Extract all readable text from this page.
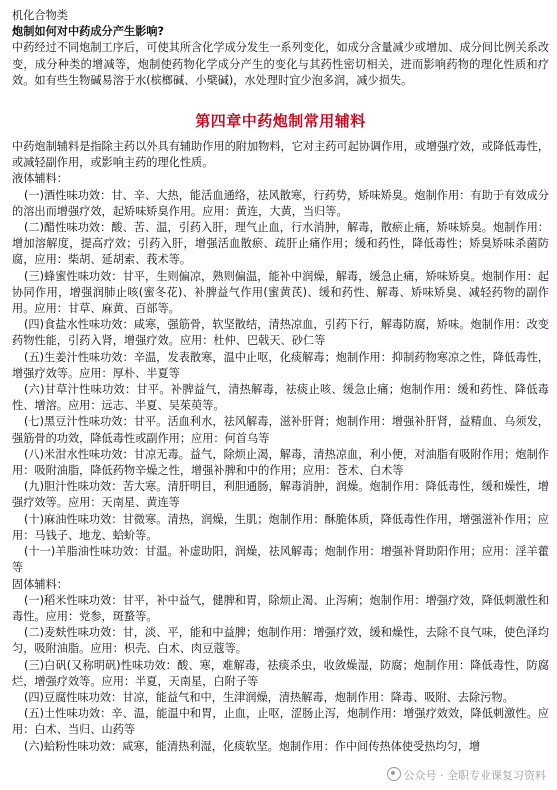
机化合物类
炮制如何对中药成分产生影响?
中药经过不同炮制工序后，可使其所含化学成分发生一系列变化，如成分含量减少或增加、成分间比例关系改变，成分种类的增减等，炮制使药物化学成分产生的变化与其药性密切相关，进而影响药物的理化性质和疗效。如有些生物碱易溶于水(槟榔碱、小檗碱)，水处理时宜少泡多润，减少损失。
第四章中药炮制常用辅料
中药炮制辅料是指除主药以外具有辅助作用的附加物料，它对主药可起协调作用，或增强疗效，或降低毒性，或减轻副作用，或影响主药的理化性质。
液体辅料：
(一)酒性味功效：甘、辛、大热，能活血通络，祛风散寒，行药势，矫味矫臭。炮制作用：有助于有效成分的溶出而增强疗效，起矫味矫臭作用。应用：黄连，大黄，当归等。
(二)醋性味功效：酸、苦、温，引药入肝，理气止血，行水消肿，解毒，散瘀止痛，矫味矫臭。炮制作用：增加溶解度，提高疗效；引药入肝，增强活血散瘀、疏肝止痛作用；缓和药性，降低毒性；矫臭矫味杀菌防腐，应用：柴胡、延胡索、莪术等。
(三)蜂蜜性味功效：甘平，生则偏凉，熟则偏温，能补中润燥，解毒，缓急止痛，矫味矫臭。炮制作用：起协同作用，增强润肺止咳(蜜冬花)、补脾益气作用(蜜黄芪)、缓和药性、解毒、矫味矫臭、减轻药物的副作用。应用：甘草、麻黄、百部等。
(四)食盐水性味功效：咸寒，强筋骨，软坚散结，清热凉血，引药下行，解毒防腐，矫味。炮制作用：改变药物性能，引药入肾，增强疗效。应用：杜仲、巴戟天、砂仁等
(五)生姜汁性味功效：辛温，发表散寒，温中止呕，化痰解毒；炮制作用：抑制药物寒凉之性，降低毒性，增强疗效等。应用：厚朴、半夏等
(六)甘草汁性味功效：甘平。补脾益气，清热解毒，祛痰止咳、缓急止痛；炮制作用：缓和药性、降低毒性、增溶。应用：远志、半夏、吴茱萸等。
(七)黑豆汁性味功效：甘平。活血利水，祛风解毒，滋补肝肾；炮制作用：增强补肝肾，益精血、乌须发，强筋骨的功效，降低毒性或副作用；应用：何首乌等
(八)米泔水性味功效：甘凉无毒。益气，除烦止渴，解毒，清热凉血，利小便，对油脂有吸附作用；炮制作用：吸附油脂，降低药物辛燥之性，增强补脾和中的作用；应用：苍术、白术等
(九)胆汁性味功效：苦大寒。清肝明目，利胆通肠，解毒消肿，润燥。炮制作用：降低毒性，缓和燥性，增强疗效等。应用：天南星、黄连等
(十)麻油性味功效：甘微寒。清热，润燥，生肌；炮制作用：酥脆体质，降低毒性作用，增强滋补作用；应用：马钱子、地龙、蛤蚧等。
(十一)羊脂油性味功效：甘温。补虚助阳，润燥，祛风解毒；炮制作用：增强补肾助阳作用；应用：淫羊藿等
固体辅料：
(一)稻米性味功效：甘平，补中益气，健脾和胃，除烦止渴、止泻痢；炮制作用：增强疗效，降低刺激性和毒性。应用：党参，斑蝥等。
(二)麦麸性味功效：甘，淡、平，能和中益脾；炮制作用：增强疗效，缓和燥性，去除不良气味，使色泽均匀，吸附油脂。应用：枳壳、白术、肉豆蔻等。
(三)白矾(又称明矾)性味功效：酸、寒，难解毒，祛痰杀虫，收敛燥湿，防腐；炮制作用：降低毒性，防腐烂，增强疗效等。应用：半夏，天南星，白附子等
(四)豆腐性味功效：甘凉，能益气和中，生津润燥，清热解毒，炮制作用：降毒、吸附、去除污物。
(五)土性味功效：辛、温，能温中和胃，止血，止呕，涩肠止泻，炮制作用：增强疗效效，降低刺激性。应用：白术、当归、山药等
(六)蛤粉性味功效：咸寒，能清热利湿，化痰软坚。炮制作用：作中间传热体使受热均匀，增
公众号 · 全职专业课复习资料
